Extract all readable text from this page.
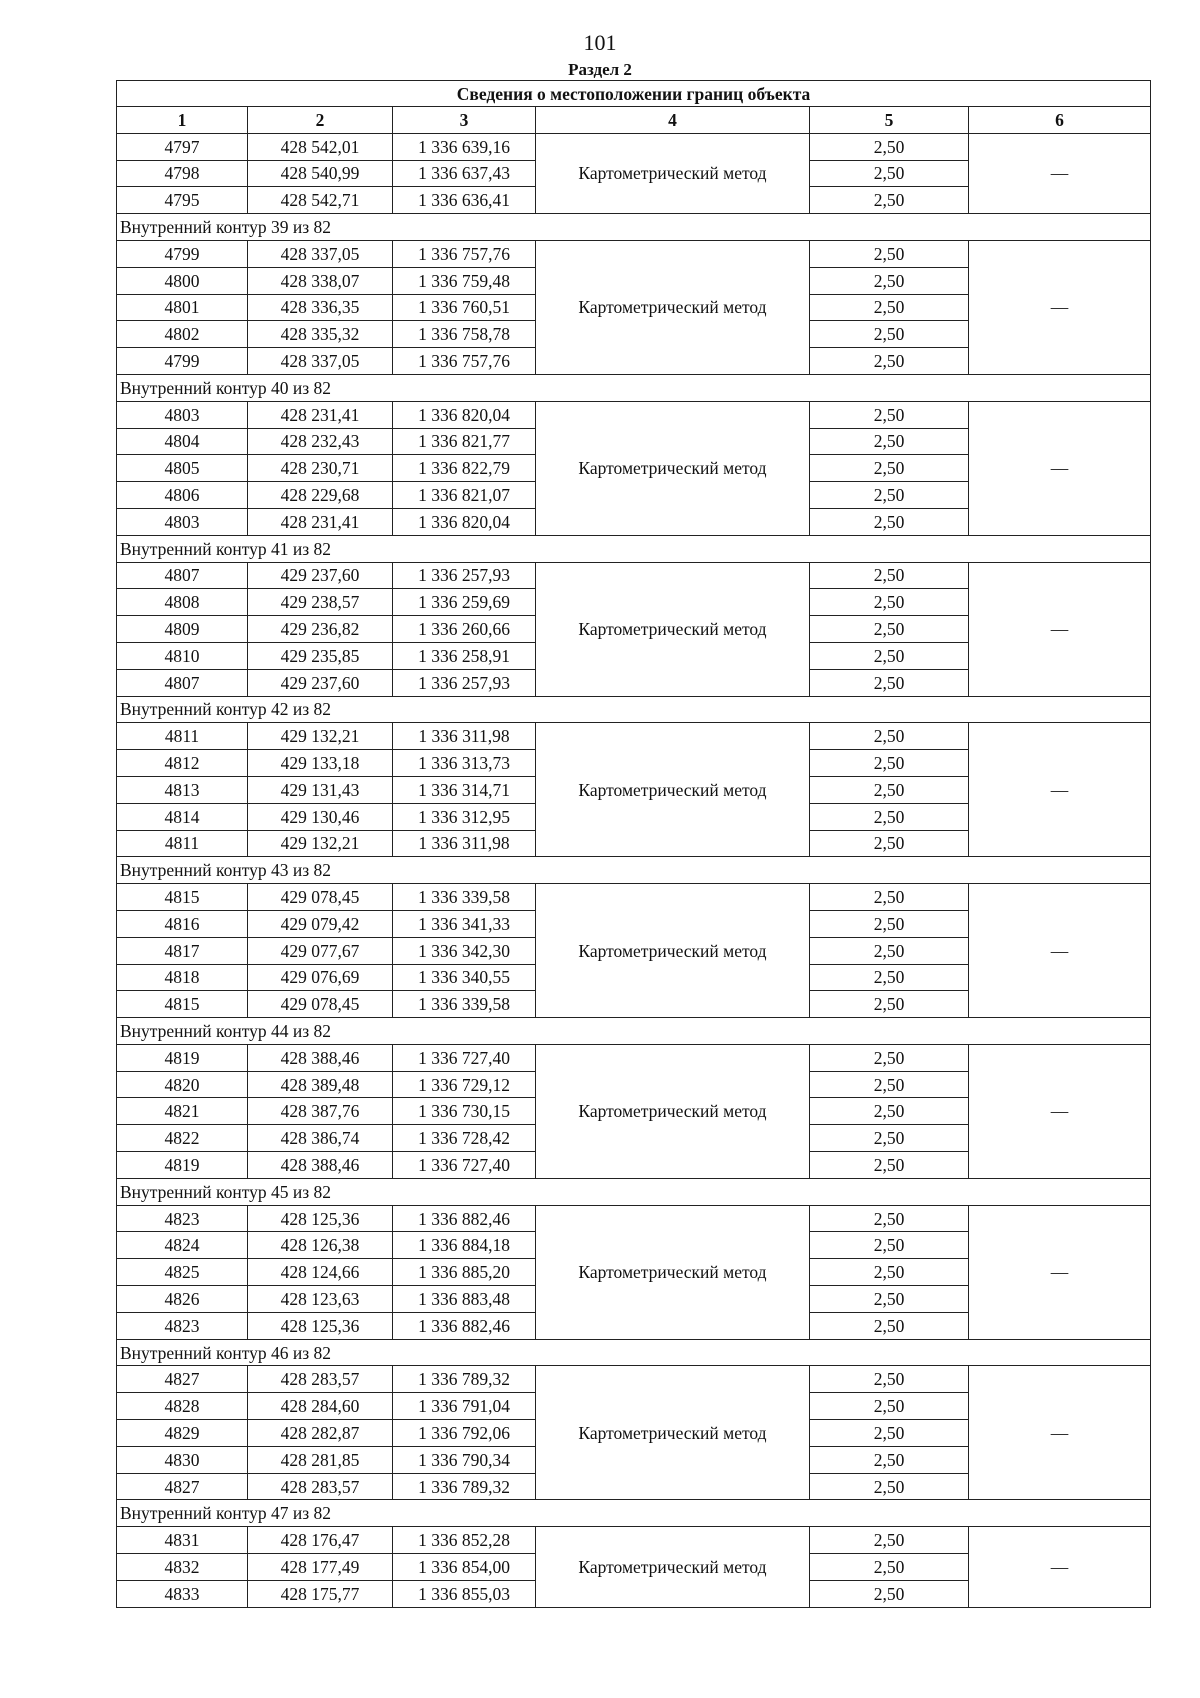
101
Раздел 2
Сведения о местоположении границ объекта					
1	2	3	4	5	6
4797	428 542,01	1 336 639,16	Картометрический метод	2,50	—
4798	428 540,99	1 336 637,43		2,50	
4795	428 542,71	1 336 636,41		2,50	
Внутренний контур 39 из 82					
4799	428 337,05	1 336 757,76	Картометрический метод	2,50	—
4800	428 338,07	1 336 759,48		2,50	
4801	428 336,35	1 336 760,51		2,50	
4802	428 335,32	1 336 758,78		2,50	
4799	428 337,05	1 336 757,76		2,50	
Внутренний контур 40 из 82					
4803	428 231,41	1 336 820,04	Картометрический метод	2,50	—
4804	428 232,43	1 336 821,77		2,50	
4805	428 230,71	1 336 822,79		2,50	
4806	428 229,68	1 336 821,07		2,50	
4803	428 231,41	1 336 820,04		2,50	
Внутренний контур 41 из 82					
4807	429 237,60	1 336 257,93	Картометрический метод	2,50	—
4808	429 238,57	1 336 259,69		2,50	
4809	429 236,82	1 336 260,66		2,50	
4810	429 235,85	1 336 258,91		2,50	
4807	429 237,60	1 336 257,93		2,50	
Внутренний контур 42 из 82					
4811	429 132,21	1 336 311,98	Картометрический метод	2,50	—
4812	429 133,18	1 336 313,73		2,50	
4813	429 131,43	1 336 314,71		2,50	
4814	429 130,46	1 336 312,95		2,50	
4811	429 132,21	1 336 311,98		2,50	
Внутренний контур 43 из 82					
4815	429 078,45	1 336 339,58	Картометрический метод	2,50	—
4816	429 079,42	1 336 341,33		2,50	
4817	429 077,67	1 336 342,30		2,50	
4818	429 076,69	1 336 340,55		2,50	
4815	429 078,45	1 336 339,58		2,50	
Внутренний контур 44 из 82					
4819	428 388,46	1 336 727,40	Картометрический метод	2,50	—
4820	428 389,48	1 336 729,12		2,50	
4821	428 387,76	1 336 730,15		2,50	
4822	428 386,74	1 336 728,42		2,50	
4819	428 388,46	1 336 727,40		2,50	
Внутренний контур 45 из 82					
4823	428 125,36	1 336 882,46	Картометрический метод	2,50	—
4824	428 126,38	1 336 884,18		2,50	
4825	428 124,66	1 336 885,20		2,50	
4826	428 123,63	1 336 883,48		2,50	
4823	428 125,36	1 336 882,46		2,50	
Внутренний контур 46 из 82					
4827	428 283,57	1 336 789,32	Картометрический метод	2,50	—
4828	428 284,60	1 336 791,04		2,50	
4829	428 282,87	1 336 792,06		2,50	
4830	428 281,85	1 336 790,34		2,50	
4827	428 283,57	1 336 789,32		2,50	
Внутренний контур 47 из 82					
4831	428 176,47	1 336 852,28	Картометрический метод	2,50	—
4832	428 177,49	1 336 854,00		2,50	
4833	428 175,77	1 336 855,03		2,50	
